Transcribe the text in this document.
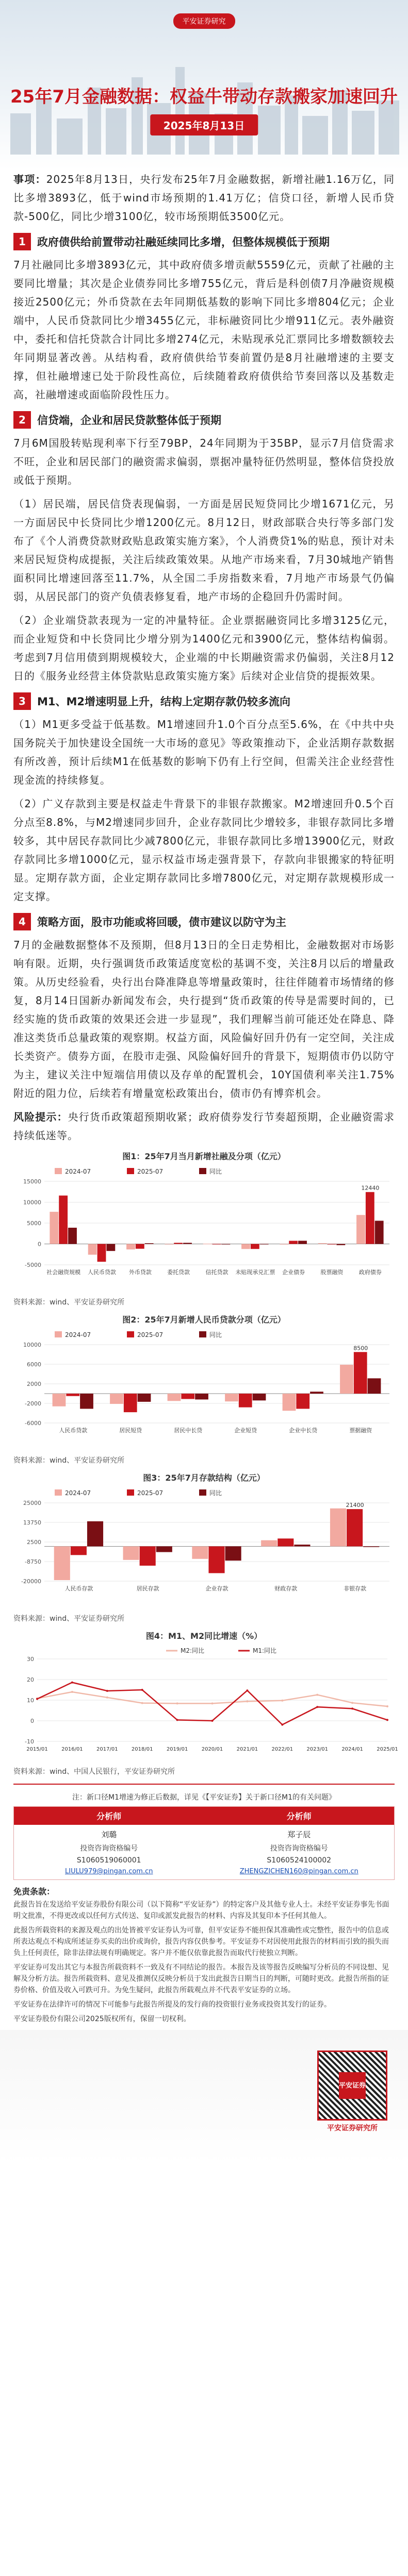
平安证券研究
25年7月金融数据：权益牛带动存款搬家加速回升
2025年8月13日

事项：2025年8月13日，央行发布25年7月金融数据，新增社融1.16万亿，同比多增3893亿，低于wind市场预期的1.41万亿；信贷口径，新增人民币贷款-500亿，同比少增3100亿，较市场预期低3500亿元。

1	政府债供给前置带动社融延续同比多增，但整体规模低于预期

7月社融同比多增3893亿元，其中政府债多增贡献5559亿元，贡献了社融的主要同比增量；其次是企业债券同比多增755亿元，背后是科创债7月净融资规模接近2500亿元；外币贷款在去年同期低基数的影响下同比多增804亿元；企业端中，人民币贷款同比少增3455亿元，非标融资同比少增911亿元。表外融资中，委托和信托贷款合计同比多增274亿元，未贴现承兑汇票同比多增数额较去年同期显著改善。从结构看，政府债供给节奏前置仍是8月社融增速的主要支撑，但社融增速已处于阶段性高位，后续随着政府债供给节奏回落以及基数走高，社融增速或面临阶段性压力。

2	信贷端，企业和居民贷款整体低于预期

7月6M国股转贴现利率下行至79BP，24年同期为于35BP，显示7月信贷需求不旺，企业和居民部门的融资需求偏弱，票据冲量特征仍然明显，整体信贷投放或低于预期。

（1）居民端，居民信贷表现偏弱，一方面是居民短贷同比少增1671亿元，另一方面居民中长贷同比少增1200亿元。8月12日，财政部联合央行等多部门发布了《个人消费贷款财政贴息政策实施方案》，个人消费贷1%的贴息，预计对未来居民短贷构成提振，关注后续政策效果。从地产市场来看，7月30城地产销售面积同比增速回落至11.7%，从全国二手房指数来看，7月地产市场景气仍偏弱，从居民部门的资产负债表修复看，地产市场的企稳回升仍需时间。

（2）企业端贷款表现为一定的冲量特征。企业票据融资同比多增3125亿元，而企业短贷和中长贷同比少增分别为1400亿元和3900亿元，整体结构偏弱。考虑到7月信用债到期规模较大，企业端的中长期融资需求仍偏弱，关注8月12日的《服务业经营主体贷款贴息政策实施方案》后续对企业信贷的提振效果。

3	M1、M2增速明显上升，结构上定期存款仍较多流向

（1）M1更多受益于低基数。M1增速回升1.0个百分点至5.6%，在《中共中央国务院关于加快建设全国统一大市场的意见》等政策推动下，企业活期存款数据有所改善，预计后续M1在低基数的影响下仍有上行空间，但需关注企业经营性现金流的持续修复。

（2）广义存款到主要是权益走牛背景下的非银存款搬家。M2增速回升0.5个百分点至8.8%，与M2增速同步回升，企业存款同比少增较多，非银存款同比多增较多，其中居民存款同比少减7800亿元，非银存款同比多增13900亿元，财政存款同比多增1000亿元，显示权益市场走强背景下，存款向非银搬家的特征明显。定期存款方面，企业定期存款同比多增7800亿元，对定期存款规模形成一定支撑。

4	策略方面，股市功能或将回暖，债市建议以防守为主

7月的金融数据整体不及预期，但8月13日的全日走势相比，金融数据对市场影响有限。近期，央行强调货币政策适度宽松的基调不变，关注8月以后的增量政策。从历史经验看，央行出台降准降息等增量政策时，往往伴随着市场情绪的修复，8月14日国新办新闻发布会，央行提到“货币政策的传导是需要时间的，已经实施的货币政策的效果还会进一步显现”，我们理解当前可能还处在降息、降准这类货币总量政策的观察期。权益方面，风险偏好回升仍有一定空间，关注成长类资产。债券方面，在股市走强、风险偏好回升的背景下，短期债市仍以防守为主，建议关注中短端信用债以及存单的配置机会，10Y国债利率关注1.75%附近的阻力位，后续若有增量宽松政策出台，债市仍有博弈机会。

风险提示：央行货币政策超预期收紧；政府债券发行节奏超预期，企业融资需求持续低迷等。

图1：25年7月当月新增社融及分项（亿元）
2024-07	2025-07	同比
-5000
0
5000
10000
15000
社会融资规模 人民币贷款 外币贷款	委托贷款	信托贷款 未贴现承兑汇票 企业债券	股票融资	政府债券
12440
资料来源：wind、平安证券研究所
图2：25年7月新增人民币贷款分项（亿元）
2024-07	2025-07	同比
-6000
-2000
2000
6000
10000
人民币贷款	居民短贷	居民中长贷	企业短贷	企业中长贷	票据融资
8500
资料来源：wind、平安证券研究所
图3：25年7月存款结构（亿元）
2024-07	2025-07	同比
-20000
-8750
2500
13750
25000
人民币存款	居民存款	企业存款	财政存款	非银存款
21400
资料来源：wind、平安证券研究所
图4：M1、M2同比增速（%）
M2:同比	M1:同比
-10
0
10
20
30
2015/01	2016/01	2017/01	2018/01	2019/01	2020/01	2021/01	2022/01	2023/01	2024/01	2025/01
资料来源：wind、中国人民银行，平安证券研究所
注：新口径M1增速为修正后数据，详见《【平安证券】关于新口径M1的有关问题》
分析师
刘璐
投资咨询资格编号
S1060519060001
LIULU979@pingan.com.cn
分析师
郑子辰
投资咨询资格编号
S1060524100002
ZHENGZICHEN160@pingan.com.cn
免责条款：

此报告旨在发送给平安证券股份有限公司（以下简称“平安证券”）的特定客户及其他专业人士。未经平安证券事先书面明文批准，不得更改或以任何方式传送、复印或派发此报告的材料、内容及其复印本予任何其他人。

此报告所载资料的来源及观点的出处皆被平安证券认为可靠，但平安证券不能担保其准确性或完整性，报告中的信息或所表达观点不构成所述证券买卖的出价或询价，报告内容仅供参考。平安证券不对因使用此报告的材料而引致的损失而负上任何责任，除非法律法规有明确规定。客户并不能仅依靠此报告而取代行使独立判断。

平安证券可发出其它与本报告所载资料不一致及有不同结论的报告。本报告及该等报告反映编写分析员的不同设想、见解及分析方法。报告所载资料、意见及推测仅反映分析员于发出此报告日期当日的判断，可随时更改。此报告所指的证券价格、价值及收入可跌可升。为免生疑问，此报告所载观点并不代表平安证券的立场。

平安证券在法律许可的情况下可能参与此报告所提及的发行商的投资银行业务或投资其发行的证券。

平安证券股份有限公司2025版权所有，保留一切权利。

平安证券
平安证券研究所
